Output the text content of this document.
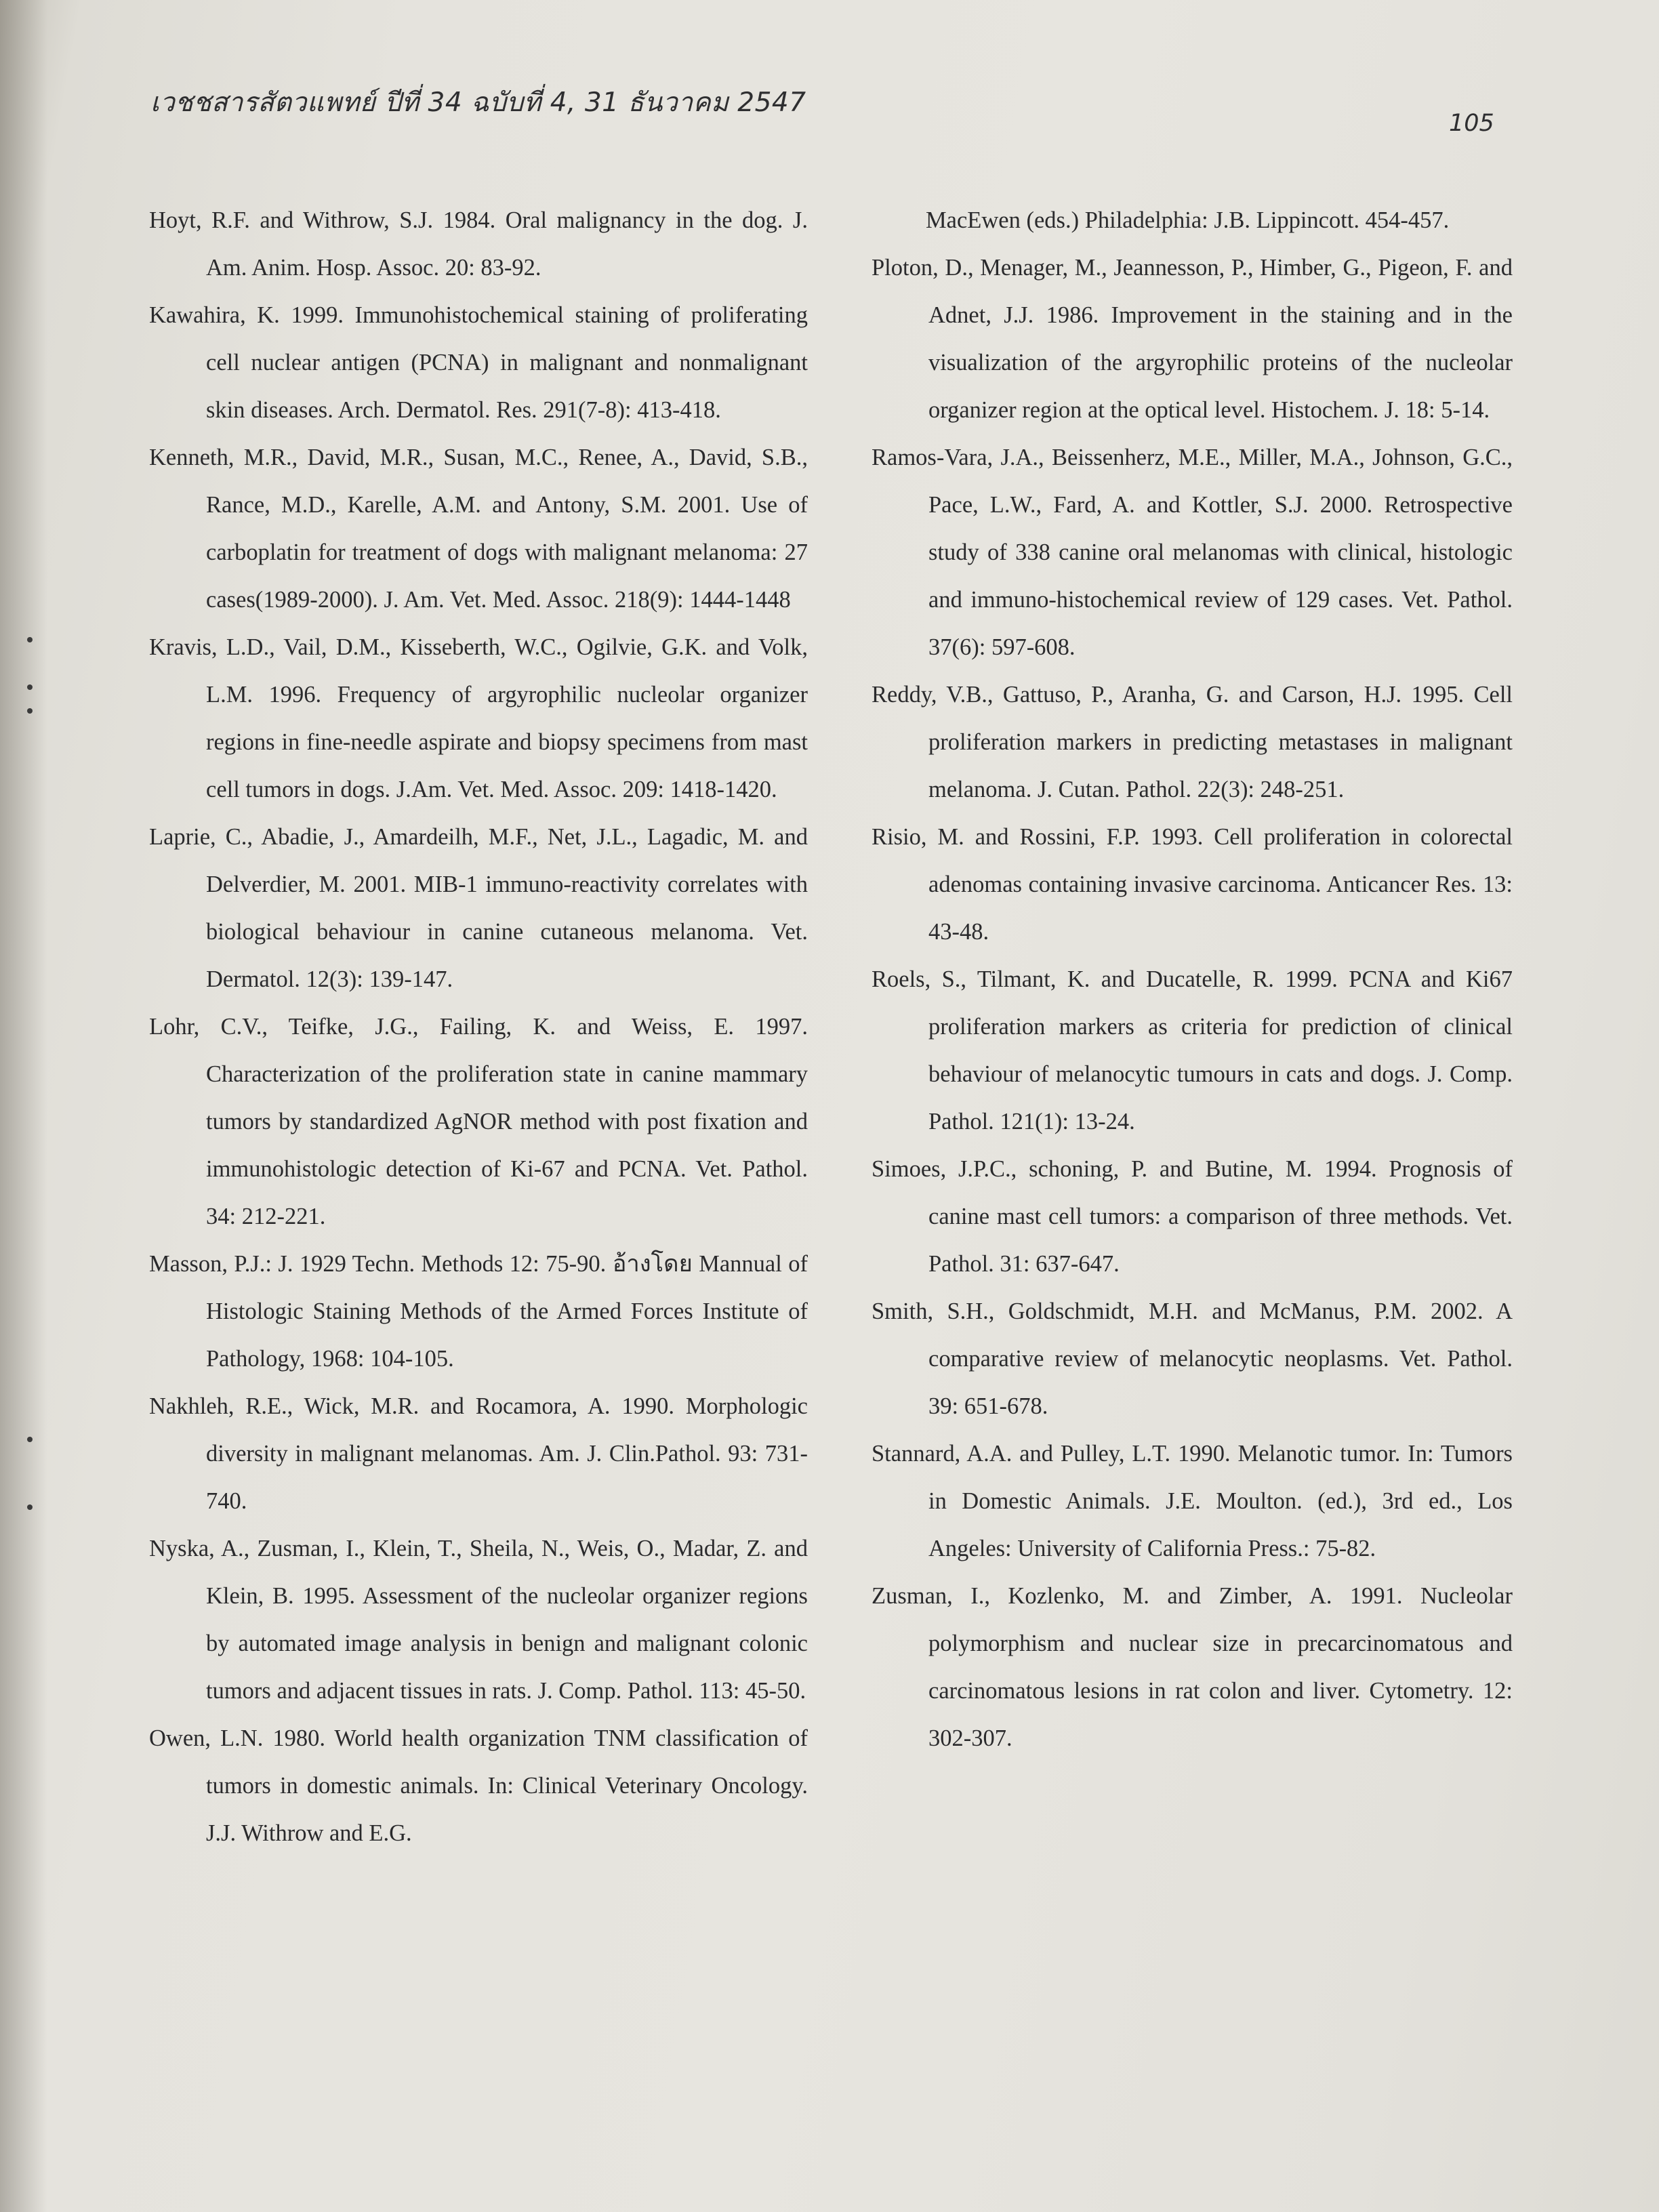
เวชชสารสัตวแพทย์ ปีที่ 34 ฉบับที่ 4, 31 ธันวาคม 2547
105

Hoyt, R.F. and Withrow, S.J. 1984. Oral malignancy in the dog. J. Am. Anim. Hosp. Assoc. 20: 83-92.

Kawahira, K. 1999. Immunohistochemical staining of proliferating cell nuclear antigen (PCNA) in malignant and nonmalignant skin diseases. Arch. Dermatol. Res. 291(7-8): 413-418.

Kenneth, M.R., David, M.R., Susan, M.C., Renee, A., David, S.B., Rance, M.D., Karelle, A.M. and Antony, S.M. 2001. Use of carboplatin for treatment of dogs with malignant melanoma: 27 cases(1989-2000). J. Am. Vet. Med. Assoc. 218(9): 1444-1448

Kravis, L.D., Vail, D.M., Kisseberth, W.C., Ogilvie, G.K. and Volk, L.M. 1996. Frequency of argyrophilic nucleolar organizer regions in fine-needle aspirate and biopsy specimens from mast cell tumors in dogs. J.Am. Vet. Med. Assoc. 209: 1418-1420.

Laprie, C., Abadie, J., Amardeilh, M.F., Net, J.L., Lagadic, M. and Delverdier, M. 2001. MIB-1 immuno-reactivity correlates with biological behaviour in canine cutaneous melanoma. Vet. Dermatol. 12(3): 139-147.

Lohr, C.V., Teifke, J.G., Failing, K. and Weiss, E. 1997. Characterization of the proliferation state in canine mammary tumors by standardized AgNOR method with post fixation and immunohistologic detection of Ki-67 and PCNA. Vet. Pathol. 34: 212-221.

Masson, P.J.: J. 1929 Techn. Methods 12: 75-90. อ้างโดย Mannual of Histologic Staining Methods of the Armed Forces Institute of Pathology, 1968: 104-105.

Nakhleh, R.E., Wick, M.R. and Rocamora, A. 1990. Morphologic diversity in malignant melanomas. Am. J. Clin.Pathol. 93: 731-740.

Nyska, A., Zusman, I., Klein, T., Sheila, N., Weis, O., Madar, Z. and Klein, B. 1995. Assessment of the nucleolar organizer regions by automated image analysis in benign and malignant colonic tumors and adjacent tissues in rats. J. Comp. Pathol. 113: 45-50.

Owen, L.N. 1980. World health organization TNM classification of tumors in domestic animals. In: Clinical Veterinary Oncology. J.J. Withrow and E.G.

MacEwen (eds.) Philadelphia: J.B. Lippincott. 454-457.

Ploton, D., Menager, M., Jeannesson, P., Himber, G., Pigeon, F. and Adnet, J.J. 1986. Improvement in the staining and in the visualization of the argyrophilic proteins of the nucleolar organizer region at the optical level. Histochem. J. 18: 5-14.

Ramos-Vara, J.A., Beissenherz, M.E., Miller, M.A., Johnson, G.C., Pace, L.W., Fard, A. and Kottler, S.J. 2000. Retrospective study of 338 canine oral melanomas with clinical, histologic and immuno-histochemical review of 129 cases. Vet. Pathol. 37(6): 597-608.

Reddy, V.B., Gattuso, P., Aranha, G. and Carson, H.J. 1995. Cell proliferation markers in predicting metastases in malignant melanoma. J. Cutan. Pathol. 22(3): 248-251.

Risio, M. and Rossini, F.P. 1993. Cell proliferation in colorectal adenomas containing invasive carcinoma. Anticancer Res. 13: 43-48.

Roels, S., Tilmant, K. and Ducatelle, R. 1999. PCNA and Ki67 proliferation markers as criteria for prediction of clinical behaviour of melanocytic tumours in cats and dogs. J. Comp. Pathol. 121(1): 13-24.

Simoes, J.P.C., schoning, P. and Butine, M. 1994. Prognosis of canine mast cell tumors: a comparison of three methods. Vet. Pathol. 31: 637-647.

Smith, S.H., Goldschmidt, M.H. and McManus, P.M. 2002. A comparative review of melanocytic neoplasms. Vet. Pathol. 39: 651-678.

Stannard, A.A. and Pulley, L.T. 1990. Melanotic tumor. In: Tumors in Domestic Animals. J.E. Moulton. (ed.), 3rd ed., Los Angeles: University of California Press.: 75-82.

Zusman, I., Kozlenko, M. and Zimber, A. 1991. Nucleolar polymorphism and nuclear size in precarcinomatous and carcinomatous lesions in rat colon and liver. Cytometry. 12: 302-307.
